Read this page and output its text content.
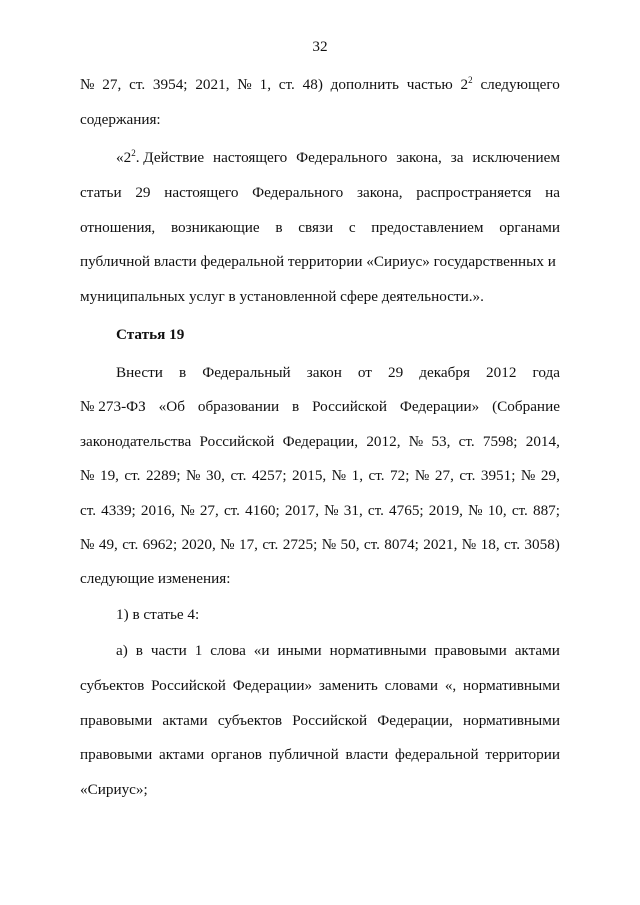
32
№ 27, ст. 3954; 2021, № 1, ст. 48) дополнить частью $2^2$ следующего
содержания:
«$2^2$. Действие настоящего Федерального закона, за исключением
статьи 29 настоящего Федерального закона, распространяется на
отношения, возникающие в связи с предоставлением органами
публичной власти федеральной территории «Сириус» государственных и
муниципальных услуг в установленной сфере деятельности.».
Статья 19
Внести в Федеральный закон от 29 декабря 2012 года
№ 273-ФЗ «Об образовании в Российской Федерации» (Собрание
законодательства Российской Федерации, 2012, № 53, ст. 7598; 2014,
№ 19, ст. 2289; № 30, ст. 4257; 2015, № 1, ст. 72; № 27, ст. 3951; № 29,
ст. 4339; 2016, № 27, ст. 4160; 2017, № 31, ст. 4765; 2019, № 10, ст. 887;
№ 49, ст. 6962; 2020, № 17, ст. 2725; № 50, ст. 8074; 2021, № 18, ст. 3058)
следующие изменения:
1) в статье 4:
а) в части 1 слова «и иными нормативными правовыми актами
субъектов Российской Федерации» заменить словами «, нормативными
правовыми актами субъектов Российской Федерации, нормативными
правовыми актами органов публичной власти федеральной территории
«Сириус»;
